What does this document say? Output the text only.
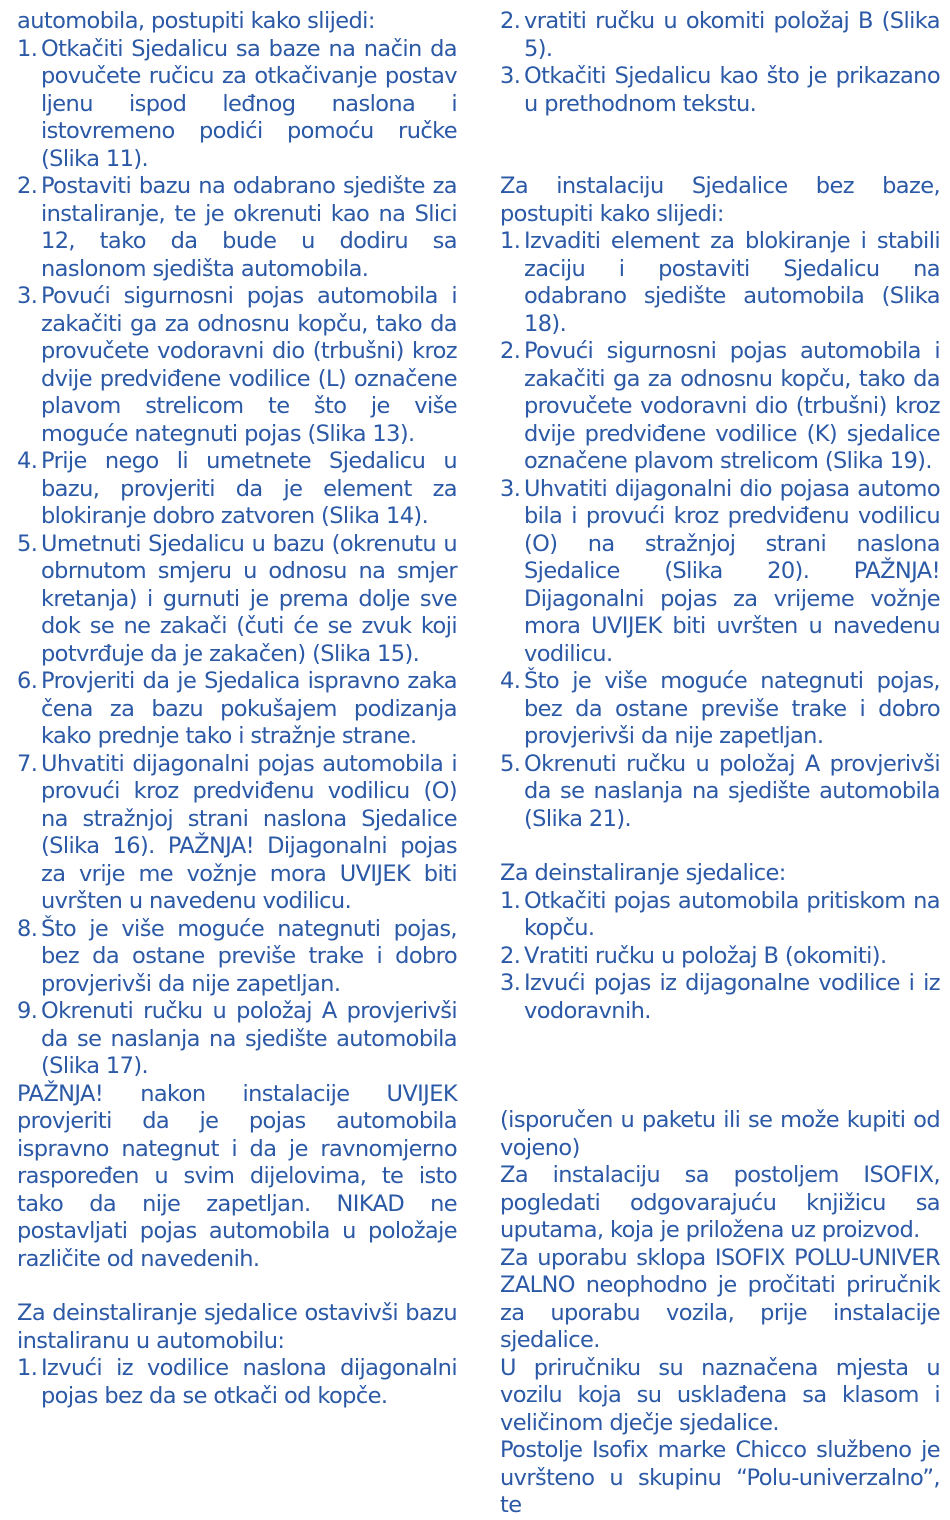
automobila, postupiti kako slijedi:

1. Otkačiti Sjedalicu sa baze na način da povučete ručicu za otkačivanje postav ljenu ispod leđnog naslona i istovremeno podići pomoću ručke (Slika 11).
2. Postaviti bazu na odabrano sjedište za instaliranje, te je okrenuti kao na Slici 12, tako da bude u dodiru sa naslonom sjedišta automobila.
3. Povući sigurnosni pojas automobila i zakačiti ga za odnosnu kopču, tako da provučete vodoravni dio (trbušni) kroz dvije predviđene vodilice (L) označene plavom strelicom te što je više moguće nategnuti pojas (Slika 13).
4. Prije nego li umetnete Sjedalicu u bazu, provjeriti da je element za blokiranje dobro zatvoren (Slika 14).
5. Umetnuti Sjedalicu u bazu (okrenutu u obrnutom smjeru u odnosu na smjer kretanja) i gurnuti je prema dolje sve dok se ne zakači (čuti će se zvuk koji potvrđuje da je zakačen) (Slika 15).
6. Provjeriti da je Sjedalica ispravno zaka čena za bazu pokušajem podizanja kako prednje tako i stražnje strane.
7. Uhvatiti dijagonalni pojas automobila i provući kroz predviđenu vodilicu (O) na stražnjoj strani naslona Sjedalice (Slika 16). PAŽNJA! Dijagonalni pojas za vrije me vožnje mora UVIJEK biti uvršten u navedenu vodilicu.
8. Što je više moguće nategnuti pojas, bez da ostane previše trake i dobro provjerivši da nije zapetljan.
9. Okrenuti ručku u položaj A provjerivši da se naslanja na sjedište automobila (Slika 17).

PAŽNJA! nakon instalacije UVIJEK provjeriti da je pojas automobila ispravno nategnut i da je ravnomjerno raspoređen u svim dijelovima, te isto tako da nije zapetljan. NIKAD ne postavljati pojas automobila u položaje različite od navedenih.

Za deinstaliranje sjedalice ostavivši bazu instaliranu u automobilu:

1. Izvući iz vodilice naslona dijagonalni pojas bez da se otkači od kopče.
2. vratiti ručku u okomiti položaj B (Slika 5).
3. Otkačiti Sjedalicu kao što je prikazano u prethodnom tekstu.

Za instalaciju Sjedalice bez baze, postupiti kako slijedi:

1. Izvaditi element za blokiranje i stabili zaciju i postaviti Sjedalicu na odabrano sjedište automobila (Slika 18).
2. Povući sigurnosni pojas automobila i zakačiti ga za odnosnu kopču, tako da provučete vodoravni dio (trbušni) kroz dvije predviđene vodilice (K) sjedalice označene plavom strelicom (Slika 19).
3. Uhvatiti dijagonalni dio pojasa automo bila i provući kroz predviđenu vodilicu (O) na stražnjoj strani naslona Sjedalice (Slika 20). PAŽNJA! Dijagonalni pojas za vrijeme vožnje mora UVIJEK biti uvršten u navedenu vodilicu.
4. Što je više moguće nategnuti pojas, bez da ostane previše trake i dobro provjerivši da nije zapetljan.
5. Okrenuti ručku u položaj A provjerivši da se naslanja na sjedište automobila (Slika 21).

Za deinstaliranje sjedalice:

1. Otkačiti pojas automobila pritiskom na kopču.
2. Vratiti ručku u položaj B (okomiti).
3. Izvući pojas iz dijagonalne vodilice i iz vodoravnih.

(isporučen u paketu ili se može kupiti od vojeno)

Za instalaciju sa postoljem ISOFIX, pogledati odgovarajuću knjižicu sa uputama, koja je priložena uz proizvod.

Za uporabu sklopa ISOFIX POLU-UNIVER ZALNO neophodno je pročitati priručnik za uporabu vozila, prije instalacije sjedalice.

U priručniku su naznačena mjesta u vozilu koja su usklađena sa klasom i veličinom dječje sjedalice.

Postolje Isofix marke Chicco službeno je uvršteno u skupinu “Polu-univerzalno”, te
